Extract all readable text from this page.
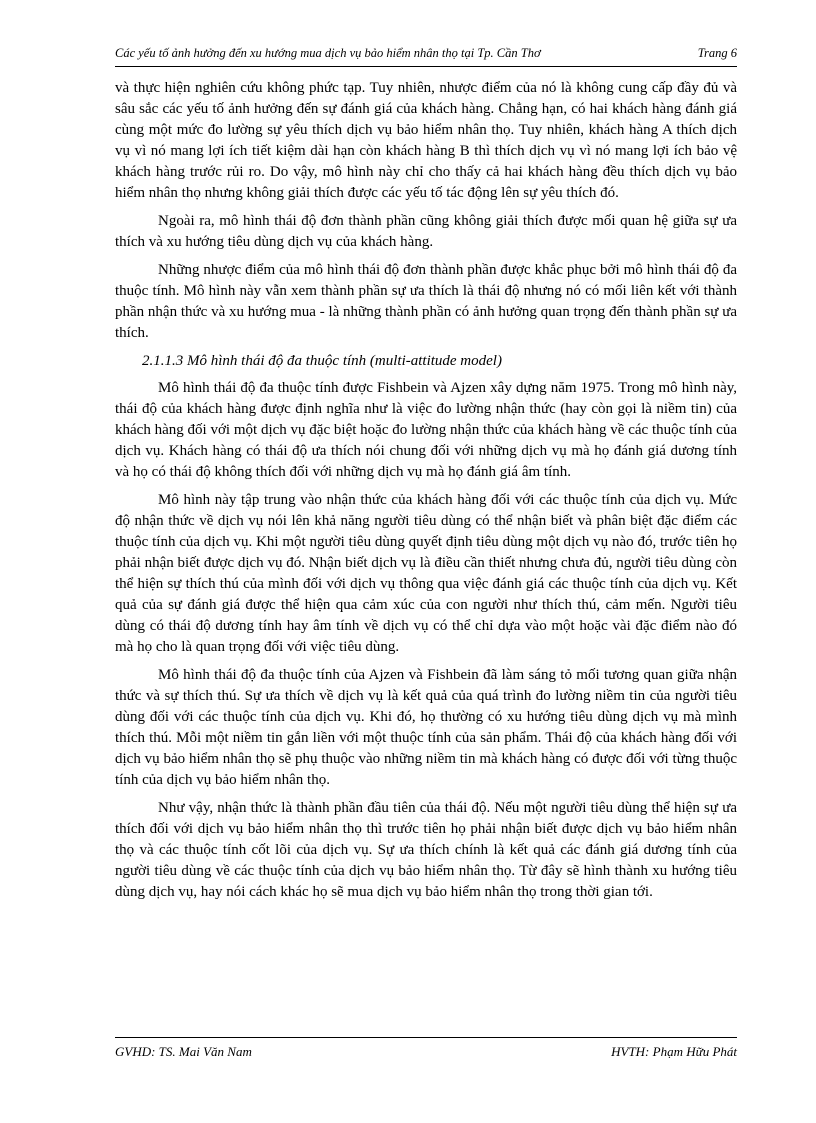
Các yếu tố ảnh hưởng đến xu hướng mua dịch vụ bảo hiểm nhân thọ tại Tp. Cần Thơ	Trang 6

và thực hiện nghiên cứu không phức tạp. Tuy nhiên, nhược điểm của nó là không cung cấp đầy đủ và sâu sắc các yếu tố ảnh hưởng đến sự đánh giá của khách hàng. Chẳng hạn, có hai khách hàng đánh giá cùng một mức đo lường sự yêu thích dịch vụ bảo hiểm nhân thọ. Tuy nhiên, khách hàng A thích dịch vụ vì nó mang lợi ích tiết kiệm dài hạn còn khách hàng B thì thích dịch vụ vì nó mang lợi ích bảo vệ khách hàng trước rủi ro. Do vậy, mô hình này chỉ cho thấy cả hai khách hàng đều thích dịch vụ bảo hiểm nhân thọ nhưng không giải thích được các yếu tố tác động lên sự yêu thích đó.

Ngoài ra, mô hình thái độ đơn thành phần cũng không giải thích được mối quan hệ giữa sự ưa thích và xu hướng tiêu dùng dịch vụ của khách hàng.

Những nhược điểm của mô hình thái độ đơn thành phần được khắc phục bởi mô hình thái độ đa thuộc tính. Mô hình này vẫn xem thành phần sự ưa thích là thái độ nhưng nó có mối liên kết với thành phần nhận thức và xu hướng mua - là những thành phần có ảnh hưởng quan trọng đến thành phần sự ưa thích.

2.1.1.3 Mô hình thái độ đa thuộc tính (multi-attitude model)

Mô hình thái độ đa thuộc tính được Fishbein và Ajzen xây dựng năm 1975. Trong mô hình này, thái độ của khách hàng được định nghĩa như là việc đo lường nhận thức (hay còn gọi là niềm tin) của khách hàng đối với một dịch vụ đặc biệt hoặc đo lường nhận thức của khách hàng về các thuộc tính của dịch vụ. Khách hàng có thái độ ưa thích nói chung đối với những dịch vụ mà họ đánh giá dương tính và họ có thái độ không thích đối với những dịch vụ mà họ đánh giá âm tính.

Mô hình này tập trung vào nhận thức của khách hàng đối với các thuộc tính của dịch vụ. Mức độ nhận thức về dịch vụ nói lên khả năng người tiêu dùng có thể nhận biết và phân biệt đặc điểm các thuộc tính của dịch vụ. Khi một người tiêu dùng quyết định tiêu dùng một dịch vụ nào đó, trước tiên họ phải nhận biết được dịch vụ đó. Nhận biết dịch vụ là điều cần thiết nhưng chưa đủ, người tiêu dùng còn thể hiện sự thích thú của mình đối với dịch vụ thông qua việc đánh giá các thuộc tính của dịch vụ. Kết quả của sự đánh giá được thể hiện qua cảm xúc của con người như thích thú, cảm mến. Người tiêu dùng có thái độ dương tính hay âm tính về dịch vụ có thể chỉ dựa vào một hoặc vài đặc điểm nào đó mà họ cho là quan trọng đối với việc tiêu dùng.

Mô hình thái độ đa thuộc tính của Ajzen và Fishbein đã làm sáng tỏ mối tương quan giữa nhận thức và sự thích thú. Sự ưa thích về dịch vụ là kết quả của quá trình đo lường niềm tin của người tiêu dùng đối với các thuộc tính của dịch vụ. Khi đó, họ thường có xu hướng tiêu dùng dịch vụ mà mình thích thú. Mỗi một niềm tin gắn liền với một thuộc tính của sản phẩm. Thái độ của khách hàng đối với dịch vụ bảo hiểm nhân thọ sẽ phụ thuộc vào những niềm tin mà khách hàng có được đối với từng thuộc tính của dịch vụ bảo hiểm nhân thọ.

Như vậy, nhận thức là thành phần đầu tiên của thái độ. Nếu một người tiêu dùng thể hiện sự ưa thích đối với dịch vụ bảo hiểm nhân thọ thì trước tiên họ phải nhận biết được dịch vụ bảo hiểm nhân thọ và các thuộc tính cốt lõi của dịch vụ. Sự ưa thích chính là kết quả các đánh giá dương tính của người tiêu dùng về các thuộc tính của dịch vụ bảo hiểm nhân thọ. Từ đây sẽ hình thành xu hướng tiêu dùng dịch vụ, hay nói cách khác họ sẽ mua dịch vụ bảo hiểm nhân thọ trong thời gian tới.

GVHD: TS. Mai Văn Nam	HVTH: Phạm Hữu Phát
